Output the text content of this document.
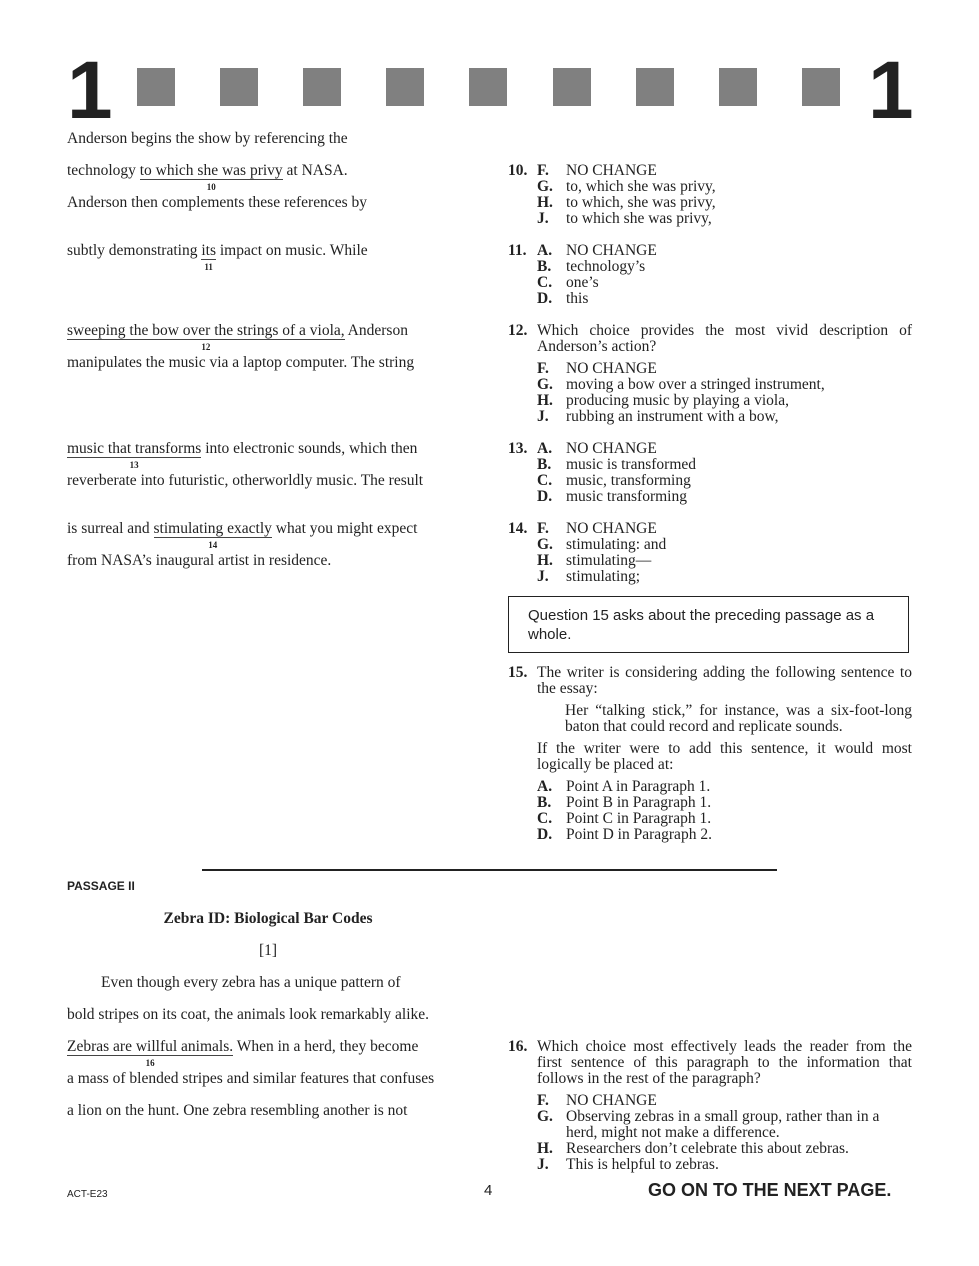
1	1
Anderson begins the show by referencing the
technology to which she was privy
10
at NASA.
Anderson then complements these references by
subtly demonstrating its
11
impact on music. While
sweeping the bow over the strings of a viola,
12
Anderson
manipulates the music via a laptop computer. The string
music that transforms
13
into electronic sounds, which then
reverberate into futuristic, otherworldly music. The result
is surreal and stimulating exactly
14
what you might expect
from NASA’s inaugural artist in residence.
10. F.	NO CHANGE
G. to, which she was privy,
H. to which, she was privy,
J.	to which she was privy,
11. A. NO CHANGE
B. technology’s
C. one’s
D. this
12. Which choice provides the most vivid description of Anderson’s action?
F.	NO CHANGE
G. moving a bow over a stringed instrument,
H. producing music by playing a viola,
J.	rubbing an instrument with a bow,
13. A. NO CHANGE
B. music is transformed
C. music, transforming
D. music transforming
14. F.	NO CHANGE
G. stimulating: and
H. stimulating—
J.	stimulating;
Question 15 asks about the preceding passage as a whole.
15. The writer is considering adding the following sentence to the essay:
Her “talking stick,” for instance, was a six-foot-long baton that could record and replicate sounds.
If the writer were to add this sentence, it would most logically be placed at:
A. Point A in Paragraph 1.
B. Point B in Paragraph 1.
C. Point C in Paragraph 1.
D. Point D in Paragraph 2.
PASSAGE II
Zebra ID: Biological Bar Codes
[1]
Even though every zebra has a unique pattern of
bold stripes on its coat, the animals look remarkably alike.
Zebras are willful animals.
16
When in a herd, they become
a mass of blended stripes and similar features that confuses
a lion on the hunt. One zebra resembling another is not
16. Which choice most effectively leads the reader from the first sentence of this paragraph to the information that follows in the rest of the paragraph?
F.	NO CHANGE
G. Observing zebras in a small group, rather than in a herd, might not make a difference.
H. Researchers don’t celebrate this about zebras.
J.	This is helpful to zebras.
ACT-E23	4	GO ON TO THE NEXT PAGE.
